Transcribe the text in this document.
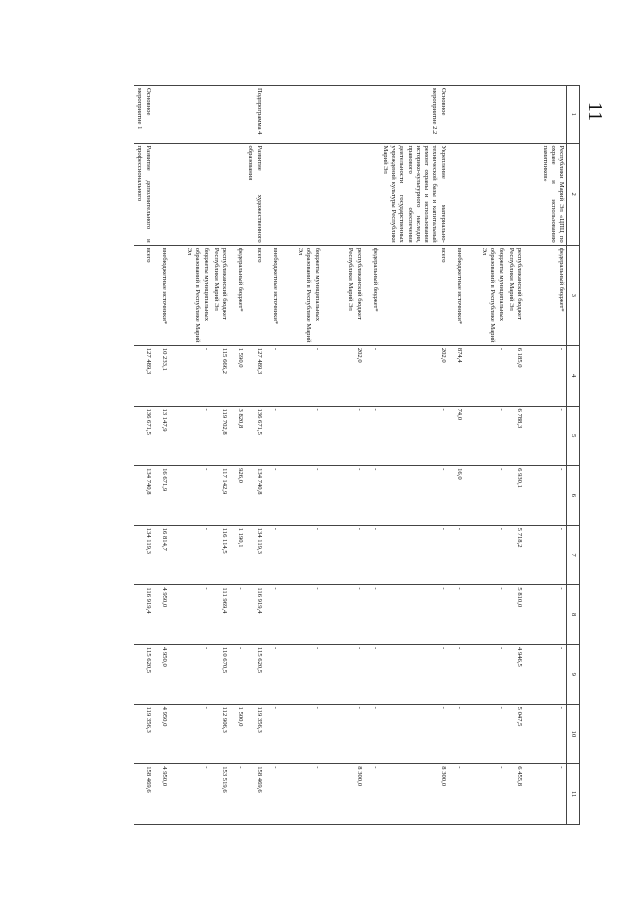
11
1	2	3	4	5	6	7	8	9	10	11
	Республики Марий Эл «ЦПЦ по охране и использованию памятников»	федеральный бюджет*	-	-	-	-	-	-	-	-
		республиканский бюджет Республики Марий Эл	6 185,0	6 788,3	6 930,1	5 718,2	5 810,0	4 946,5	5 047,5	6 455,8
		бюджеты муниципальных образований в Республике Марий Эл	-	-	-	-	-	-	-	-
		внебюджетные источники*	874,4	74,0	16,0	-	-	-	-	-
Основное мероприятие 2.2	Укрепление материально-технической базы и капитальный ремонт охраны и использования историко-культурного наследия, правового обеспечения деятельности государственных учреждений культуры Республики Марий Эл	всего	202,0	-	-	-	-	-	-	8 300,0
		федеральный бюджет*	-	-	-	-	-	-	-	-
		республиканский бюджет Республики Марий Эл	202,0	-	-	-	-	-	-	8 300,0
		бюджеты муниципальных образований в Республике Марий Эл	-	-	-	-	-	-	-	-
		внебюджетные источники*	-	-	-	-	-	-	-	-
Подпрограмма 4	Развитие художественного образования	всего	127 489,3	136 671,5	134 740,8	134 119,3	116 919,4	115 620,5	119 356,3	158 469,6
		федеральный бюджет*	1 590,0	3 820,8	926,0	1 190,1	-	-	1 500,0	-
		республиканский бюджет Республики Марий Эл	115 666,2	119 702,8	117 142,9	116 114,5	111 969,4	110 670,5	112 906,3	153 519,6
		бюджеты муниципальных образований в Республике Марий Эл	-	-	-	-	-	-	-	-
		внебюджетные источники*	10 233,1	13 147,9	16 671,9	16 814,7	4 950,0	4 950,0	4 950,0	4 950,0
Основное мероприятие 1	Развитие дополнительного и профессионального	всего	127 489,3	136 671,5	134 740,8	134 119,3	116 919,4	115 620,5	119 356,3	158 469,6
